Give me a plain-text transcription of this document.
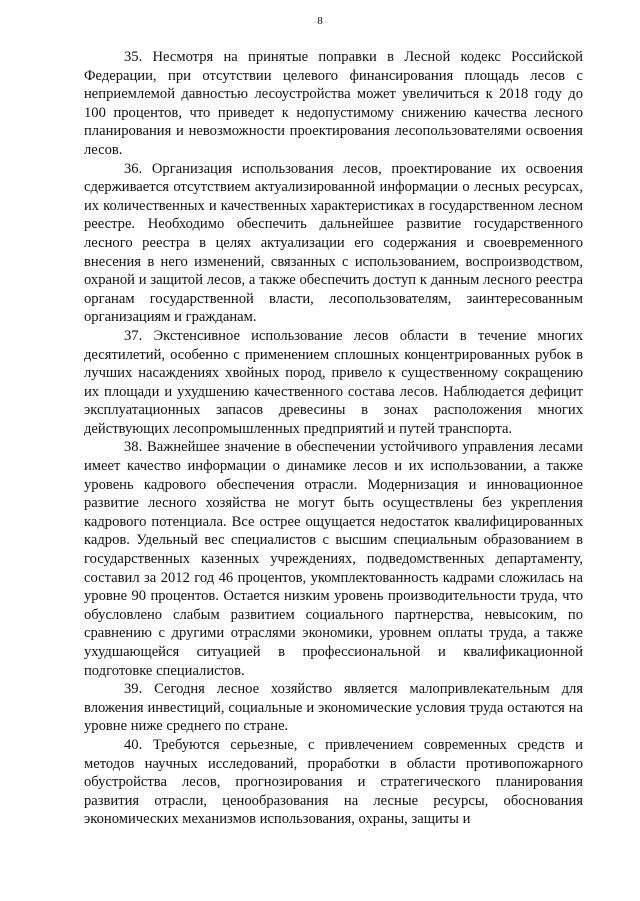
8

35. Несмотря на принятые поправки в Лесной кодекс Российской Федерации, при отсутствии целевого финансирования площадь лесов с неприемлемой давностью лесоустройства может увеличиться к 2018 году до 100 процентов, что приведет к недопустимому снижению качества лесного планирования и невозможности проектирования лесопользователями освоения лесов.

36. Организация использования лесов, проектирование их освоения сдерживается отсутствием актуализированной информации о лесных ресурсах, их количественных и качественных характеристиках в государственном лесном реестре. Необходимо обеспечить дальнейшее развитие государственного лесного реестра в целях актуализации его содержания и своевременного внесения в него изменений, связанных с использованием, воспроизводством, охраной и защитой лесов, а также обеспечить доступ к данным лесного реестра органам государственной власти, лесопользователям, заинтересованным организациям и гражданам.

37. Экстенсивное использование лесов области в течение многих десятилетий, особенно с применением сплошных концентрированных рубок в лучших насаждениях хвойных пород, привело к существенному сокращению их площади и ухудшению качественного состава лесов. Наблюдается дефицит эксплуатационных запасов древесины в зонах расположения многих действующих лесопромышленных предприятий и путей транспорта.

38. Важнейшее значение в обеспечении устойчивого управления лесами имеет качество информации о динамике лесов и их использовании, а также уровень кадрового обеспечения отрасли. Модернизация и инновационное развитие лесного хозяйства не могут быть осуществлены без укрепления кадрового потенциала. Все острее ощущается недостаток квалифицированных кадров. Удельный вес специалистов с высшим специальным образованием в государственных казенных учреждениях, подведомственных департаменту, составил за 2012 год 46 процентов, укомплектованность кадрами сложилась на уровне 90 процентов. Остается низким уровень производительности труда, что обусловлено слабым развитием социального партнерства, невысоким, по сравнению с другими отраслями экономики, уровнем оплаты труда, а также ухудшающейся ситуацией в профессиональной и квалификационной подготовке специалистов.

39. Сегодня лесное хозяйство является малопривлекательным для вложения инвестиций, социальные и экономические условия труда остаются на уровне ниже среднего по стране.

40. Требуются серьезные, с привлечением современных средств и методов научных исследований, проработки в области противопожарного обустройства лесов, прогнозирования и стратегического планирования развития отрасли, ценообразования на лесные ресурсы, обоснования экономических механизмов использования, охраны, защиты и
